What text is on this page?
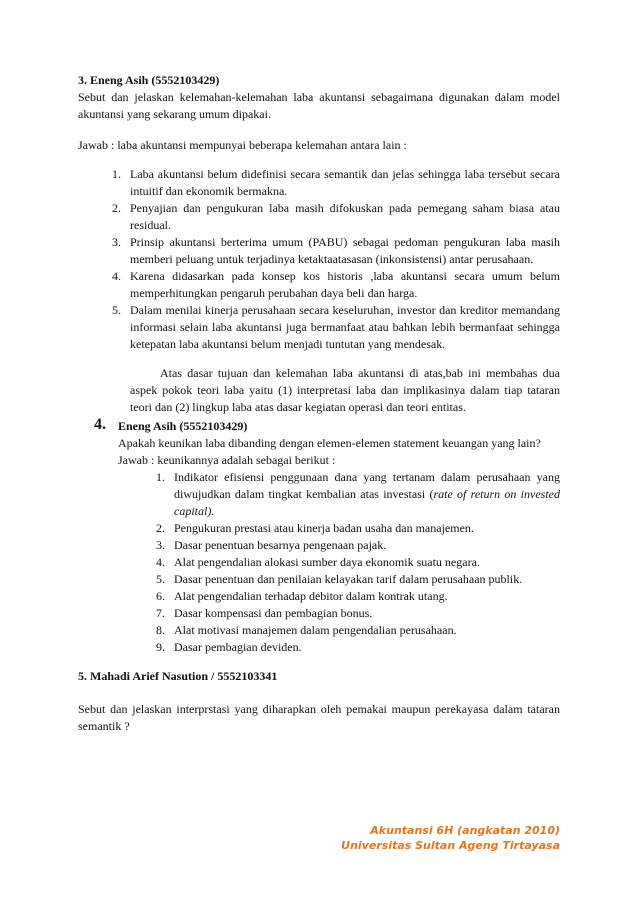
3. Eneng Asih (5552103429)

Sebut dan jelaskan kelemahan-kelemahan laba akuntansi sebagaimana digunakan dalam model akuntansi yang sekarang umum dipakai.

Jawab : laba akuntansi mempunyai beberapa kelemahan antara lain :

1. Laba akuntansi belum didefinisi secara semantik dan jelas sehingga laba tersebut secara intuitif dan ekonomik bermakna.
2. Penyajian dan pengukuran laba masih difokuskan pada pemegang saham biasa atau residual.
3. Prinsip akuntansi berterima umum (PABU) sebagai pedoman pengukuran laba masih memberi peluang untuk terjadinya ketaktaatasasan (inkonsistensi) antar perusahaan.
4. Karena didasarkan pada konsep kos historis ,laba akuntansi secara umum belum memperhitungkan pengaruh perubahan daya beli dan harga.
5. Dalam menilai kinerja perusahaan secara keseluruhan, investor dan kreditor memandang informasi selain laba akuntansi juga bermanfaat atau bahkan lebih bermanfaat sehingga ketepatan laba akuntansi belum menjadi tuntutan yang mendesak.

Atas dasar tujuan dan kelemahan laba akuntansi di atas,bab ini membahas dua aspek pokok teori laba yaitu (1) interpretasi laba dan implikasinya dalam tiap tataran teori dan (2) lingkup laba atas dasar kegiatan operasi dan teori entitas.

4. Eneng Asih (5552103429)

Apakah keunikan laba dibanding dengan elemen-elemen statement keuangan yang lain?

Jawab : keunikannya adalah sebagai berikut :

1. Indikator efisiensi penggunaan dana yang tertanam dalam perusahaan yang diwujudkan dalam tingkat kembalian atas investasi (rate of return on invested capital).
2. Pengukuran prestasi atau kinerja badan usaha dan manajemen.
3. Dasar penentuan besarnya pengenaan pajak.
4. Alat pengendalian alokasi sumber daya ekonomik suatu negara.
5. Dasar penentuan dan penilaian kelayakan tarif dalam perusahaan publik.
6. Alat pengendalian terhadap debitor dalam kontrak utang.
7. Dasar kompensasi dan pembagian bonus.
8. Alat motivasi manajemen dalam pengendalian perusahaan.
9. Dasar pembagian deviden.

5. Mahadi Arief Nasution / 5552103341

Sebut dan jelaskan interprstasi yang diharapkan oleh pemakai maupun perekayasa dalam tataran semantik ?

Akuntansi 6H (angkatan 2010)
Universitas Sultan Ageng Tirtayasa
